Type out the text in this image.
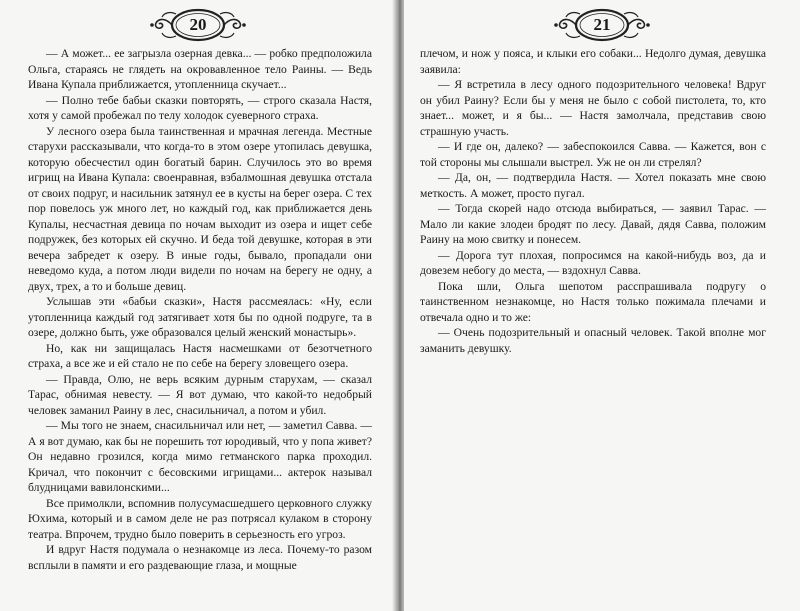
20

— А может... ее загрызла озерная девка... — робко предположила Ольга, стараясь не глядеть на окровавленное тело Раины. — Ведь Ивана Купала приближается, утопленница скучает...

— Полно тебе бабьи сказки повторять, — строго сказала Настя, хотя у самой пробежал по телу холодок суеверного страха.

У лесного озера была таинственная и мрачная легенда. Местные старухи рассказывали, что когда-то в этом озере утопилась девушка, которую обесчестил один богатый барин. Случилось это во время игрищ на Ивана Купала: своенравная, взбалмошная девушка отстала от своих подруг, и насильник затянул ее в кусты на берег озера. С тех пор повелось уж много лет, но каждый год, как приближается день Купалы, несчастная девица по ночам выходит из озера и ищет себе подружек, без которых ей скучно. И беда той девушке, которая в эти вечера забредет к озеру. В иные годы, бывало, пропадали они неведомо куда, а потом люди видели по ночам на берегу не одну, а двух, трех, а то и больше девиц.

Услышав эти «бабьи сказки», Настя рассмеялась: «Ну, если утопленница каждый год затягивает хотя бы по одной подруге, та в озере, должно быть, уже образовался целый женский монастырь».

Но, как ни защищалась Настя насмешками от безотчетного страха, а все же и ей стало не по себе на берегу зловещего озера.

— Правда, Олю, не верь всяким дурным старухам, — сказал Тарас, обнимая невесту. — Я вот думаю, что какой-то недобрый человек заманил Раину в лес, снасильничал, а потом и убил.

— Мы того не знаем, снасильничал или нет, — заметил Савва. — А я вот думаю, как бы не порешить тот юродивый, что у попа живет? Он недавно грозился, когда мимо гетманского парка проходил. Кричал, что покончит с бесовскими игрищами... актерок называл блудницами вавилонскими...

Все примолкли, вспомнив полусумасшедшего церковного служку Юхима, который и в самом деле не раз потрясал кулаком в сторону театра. Впрочем, трудно было поверить в серьезность его угроз.

И вдруг Настя подумала о незнакомце из леса. Почему-то разом всплыли в памяти и его раздевающие глаза, и мощные

21

плечом, и нож у пояса, и клыки его собаки... Недолго думая, девушка заявила:

— Я встретила в лесу одного подозрительного человека! Вдруг он убил Раину? Если бы у меня не было с собой пистолета, то, кто знает... может, и я бы... — Настя замолчала, представив свою страшную участь.

— И где он, далеко? — забеспокоился Савва. — Кажется, вон с той стороны мы слышали выстрел. Уж не он ли стрелял?

— Да, он, — подтвердила Настя. — Хотел показать мне свою меткость. А может, просто пугал.

— Тогда скорей надо отсюда выбираться, — заявил Тарас. — Мало ли какие злодеи бродят по лесу. Давай, дядя Савва, положим Раину на мою свитку и понесем.

— Дорога тут плохая, попросимся на какой-нибудь воз, да и довезем небогу до места, — вздохнул Савва.

Пока шли, Ольга шепотом расспрашивала подругу о таинственном незнакомце, но Настя только пожимала плечами и отвечала одно и то же:

— Очень подозрительный и опасный человек. Такой вполне мог заманить девушку.
